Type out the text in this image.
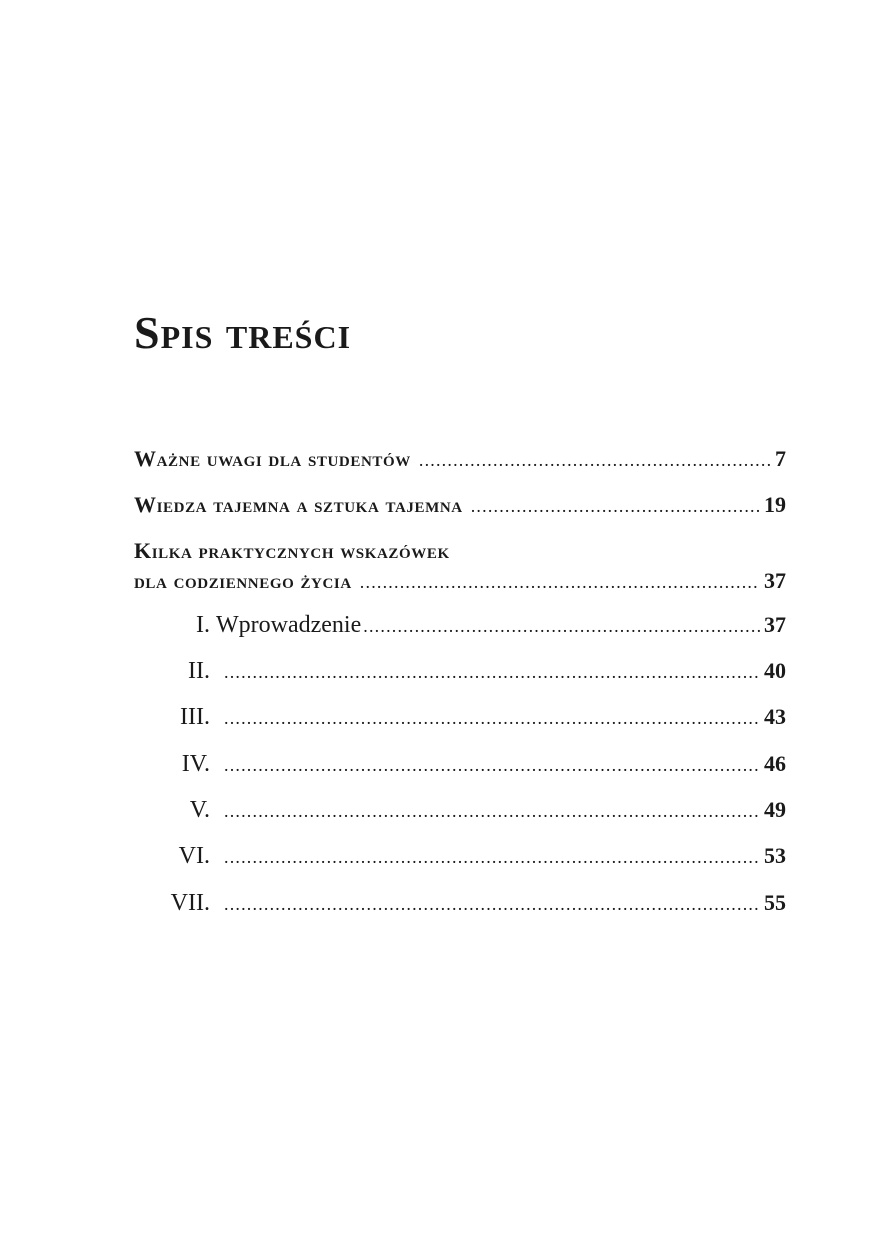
Spis treści
Ważne uwagi dla studentów .....	7
Wiedza tajemna a sztuka tajemna .....	19
Kilka praktycznych wskazówek
dla codziennego życia .....	37
I. Wprowadzenie .....	37
II. .....	40
III. .....	43
IV. .....	46
V. .....	49
VI. .....	53
VII. .....	55
